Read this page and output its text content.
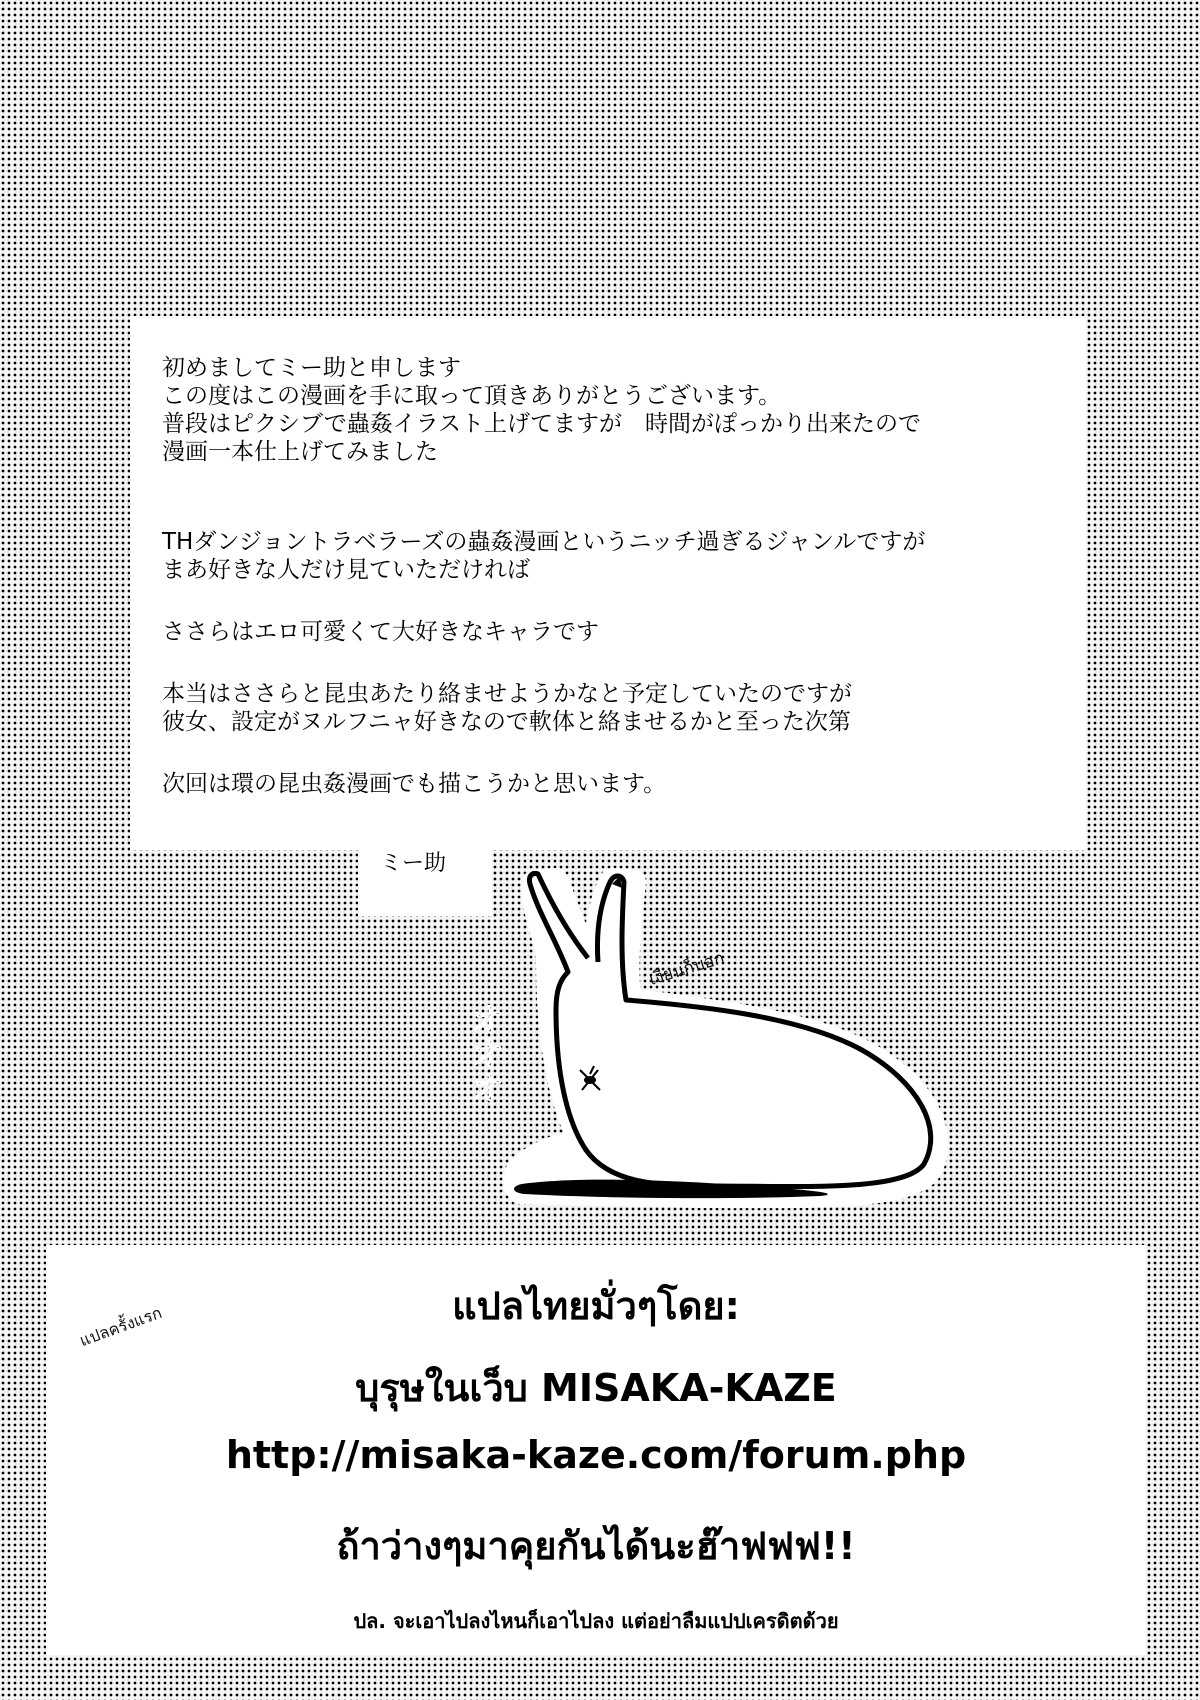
初めましてミー助と申します

この度はこの漫画を手に取って頂きありがとうございます。

普段はピクシブで蟲姦イラスト上げてますが　時間がぽっかり出来たので

漫画一本仕上げてみました

THダンジョントラベラーズの蟲姦漫画というニッチ過ぎるジャンルですが

まあ好きな人だけ見ていただければ

ささらはエロ可愛くて大好きなキャラです

本当はささらと昆虫あたり絡ませようかなと予定していたのですが

彼女、設定がヌルフニャ好きなので軟体と絡ませるかと至った次第

次回は環の昆虫姦漫画でも描こうかと思います。

ミー助

オオオ

เงียนก็บอก

แปลครั้งแรก	แปลไทยมั่วๆโดย:

บุรุษในเว็บ MISAKA-KAZE

http://misaka-kaze.com/forum.php

ถ้าว่างๆมาคุยกันได้นะฮ๊าฟฟฟ!!

ปล. จะเอาไปลงไหนก็เอาไปลง แต่อย่าลืมแปปเครดิตด้วย
